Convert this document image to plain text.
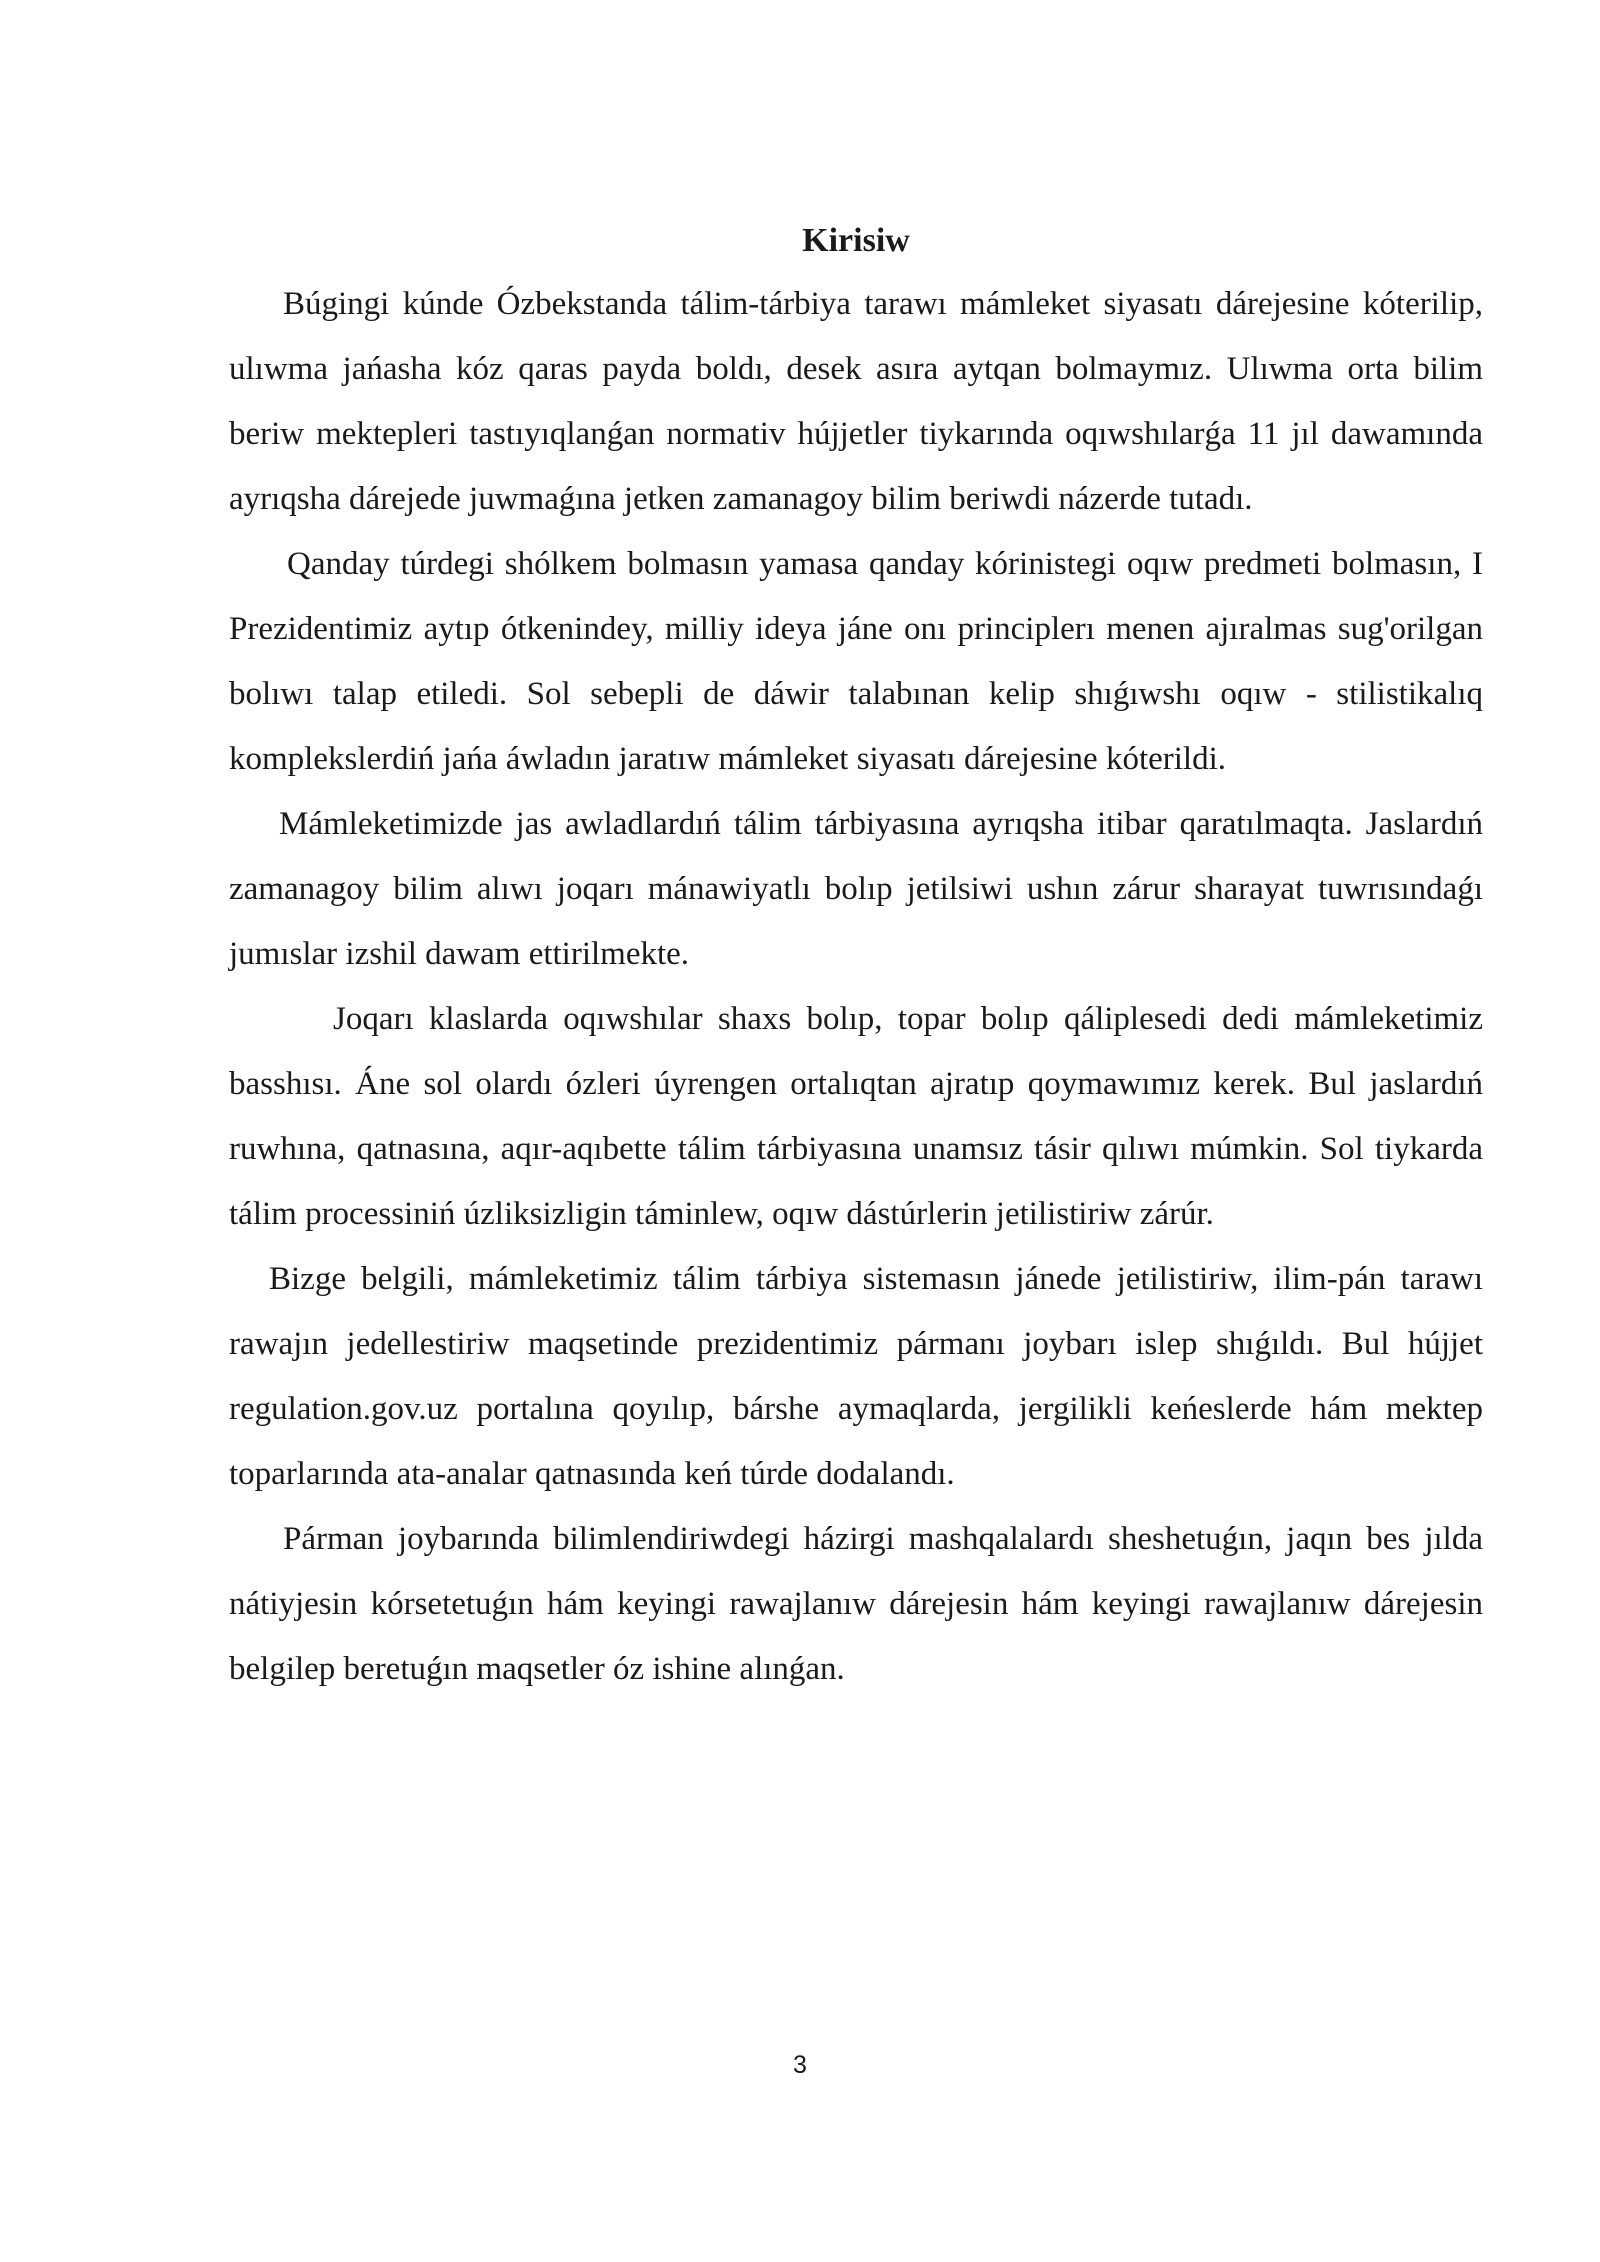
Kirisiw

Búgingi kúnde Ózbekstanda tálim-tárbiya tarawı mámleket siyasatı dárejesine kóterilip, ulıwma jańasha kóz qaras payda boldı, desek asıra aytqan bolmaymız. Ulıwma orta bilim beriw mektepleri tastıyıqlanǵan normativ hújjetler tiykarında oqıwshılarǵa 11 jıl dawamında ayrıqsha dárejede juwmaǵına jetken zamanagoy bilim beriwdi názerde tutadı.

Qanday túrdegi shólkem bolmasın yamasa qanday kórinistegi oqıw predmeti bolmasın, I Prezidentimiz aytıp ótkenindey, milliy ideya jáne onı principlerı menen ajıralmas sug'orilgan bolıwı talap etiledi. Sol sebepli de dáwir talabınan kelip shıǵıwshı oqıw - stilistikalıq komplekslerdiń jańa áwladın jaratıw mámleket siyasatı dárejesine kóterildi.

Mámleketimizde jas awladlardıń tálim tárbiyasına ayrıqsha itibar qaratılmaqta. Jaslardıń zamanagoy bilim alıwı joqarı mánawiyatlı bolıp jetilsiwi ushın zárur sharayat tuwrısındaǵı jumıslar izshil dawam ettirilmekte.

Joqarı klaslarda oqıwshılar shaxs bolıp, topar bolıp qáliplesedi dedi mámleketimiz basshısı. Áne sol olardı ózleri úyrengen ortalıqtan ajratıp qoymawımız kerek. Bul jaslardıń ruwhına, qatnasına, aqır-aqıbette tálim tárbiyasına unamsız tásir qılıwı múmkin. Sol tiykarda tálim processiniń úzliksizligin táminlew, oqıw dástúrlerin jetilistiriw zárúr.

Bizge belgili, mámleketimiz tálim tárbiya sistemasın jánede jetilistiriw, ilim-pán tarawı rawajın jedellestiriw maqsetinde prezidentimiz pármanı joybarı islep shıǵıldı. Bul hújjet regulation.gov.uz portalına qoyılıp, bárshe aymaqlarda, jergilikli keńeslerde hám mektep toparlarında ata-analar qatnasında keń túrde dodalandı.

Párman joybarında bilimlendiriwdegi házirgi mashqalalardı sheshetuǵın, jaqın bes jılda nátiyjesin kórsetetuǵın hám keyingi rawajlanıw dárejesin hám keyingi rawajlanıw dárejesin belgilep beretuǵın maqsetler óz ishine alınǵan.

3
